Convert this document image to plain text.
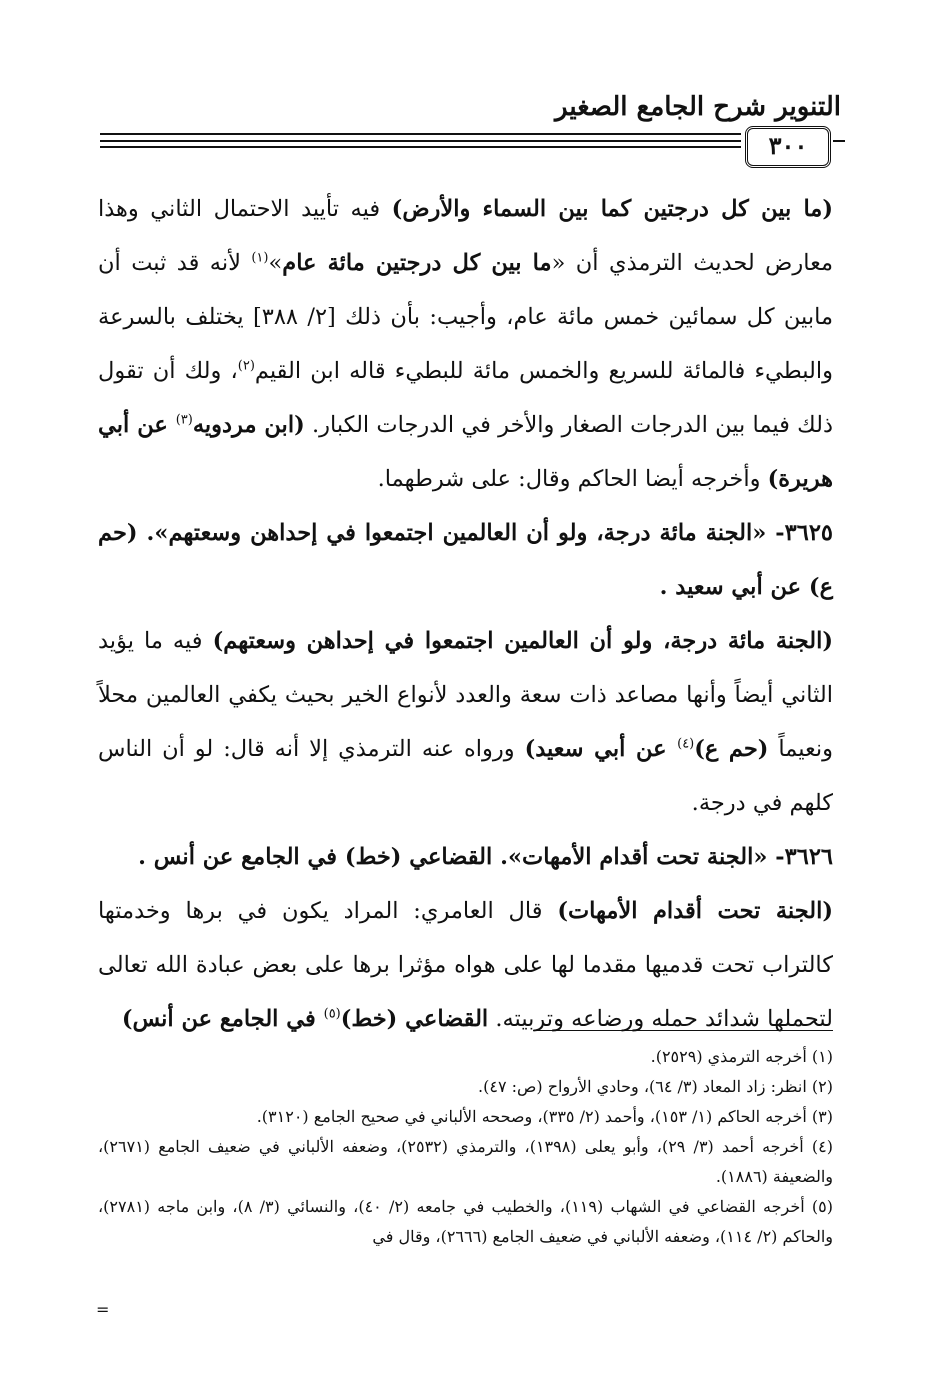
التنوير شرح الجامع الصغير
٣٠٠

(ما بين كل درجتين كما بين السماء والأرض) فيه تأييد الاحتمال الثاني وهذا معارض لحديث الترمذي أن «ما بين كل درجتين مائة عام»$^{(١)}$ لأنه قد ثبت أن مابين كل سمائين خمس مائة عام، وأجيب: بأن ذلك [٢/ ٣٨٨] يختلف بالسرعة والبطيء فالمائة للسريع والخمس مائة للبطيء قاله ابن القيم$^{(٢)}$، ولك أن تقول ذلك فيما بين الدرجات الصغار والأخر في الدرجات الكبار. (ابن مردويه$^{(٣)}$ عن أبي هريرة) وأخرجه أيضا الحاكم وقال: على شرطهما.

٣٦٢٥- «الجنة مائة درجة، ولو أن العالمين اجتمعوا في إحداهن وسعتهم». (حم ع) عن أبي سعيد .

(الجنة مائة درجة، ولو أن العالمين اجتمعوا في إحداهن وسعتهم) فيه ما يؤيد الثاني أيضاً وأنها مصاعد ذات سعة والعدد لأنواع الخير بحيث يكفي العالمين محلاً ونعيماً (حم ع)$^{(٤)}$ عن أبي سعيد) ورواه عنه الترمذي إلا أنه قال: لو أن الناس كلهم في درجة.

٣٦٢٦- «الجنة تحت أقدام الأمهات». القضاعي (خط) في الجامع عن أنس .

(الجنة تحت أقدام الأمهات) قال العامري: المراد يكون في برها وخدمتها كالتراب تحت قدميها مقدما لها على هواه مؤثرا برها على بعض عبادة الله تعالى لتحملها شدائد حمله ورضاعه وتربيته. القضاعي (خط)$^{(٥)}$ في الجامع عن أنس)

(١) أخرجه الترمذي (٢٥٢٩).

(٢) انظر: زاد المعاد (٣/ ٦٤)، وحادي الأرواح (ص: ٤٧).

(٣) أخرجه الحاكم (١/ ١٥٣)، وأحمد (٢/ ٣٣٥)، وصححه الألباني في صحيح الجامع (٣١٢٠).

(٤) أخرجه أحمد (٣/ ٢٩)، وأبو يعلى (١٣٩٨)، والترمذي (٢٥٣٢)، وضعفه الألباني في ضعيف الجامع (٢٦٧١)، والضعيفة (١٨٨٦).

(٥) أخرجه القضاعي في الشهاب (١١٩)، والخطيب في جامعه (٢/ ٤٠)، والنسائي (٣/ ٨)، وابن ماجه (٢٧٨١)، والحاكم (٢/ ١١٤)، وضعفه الألباني في ضعيف الجامع (٢٦٦٦)، وقال في

=
